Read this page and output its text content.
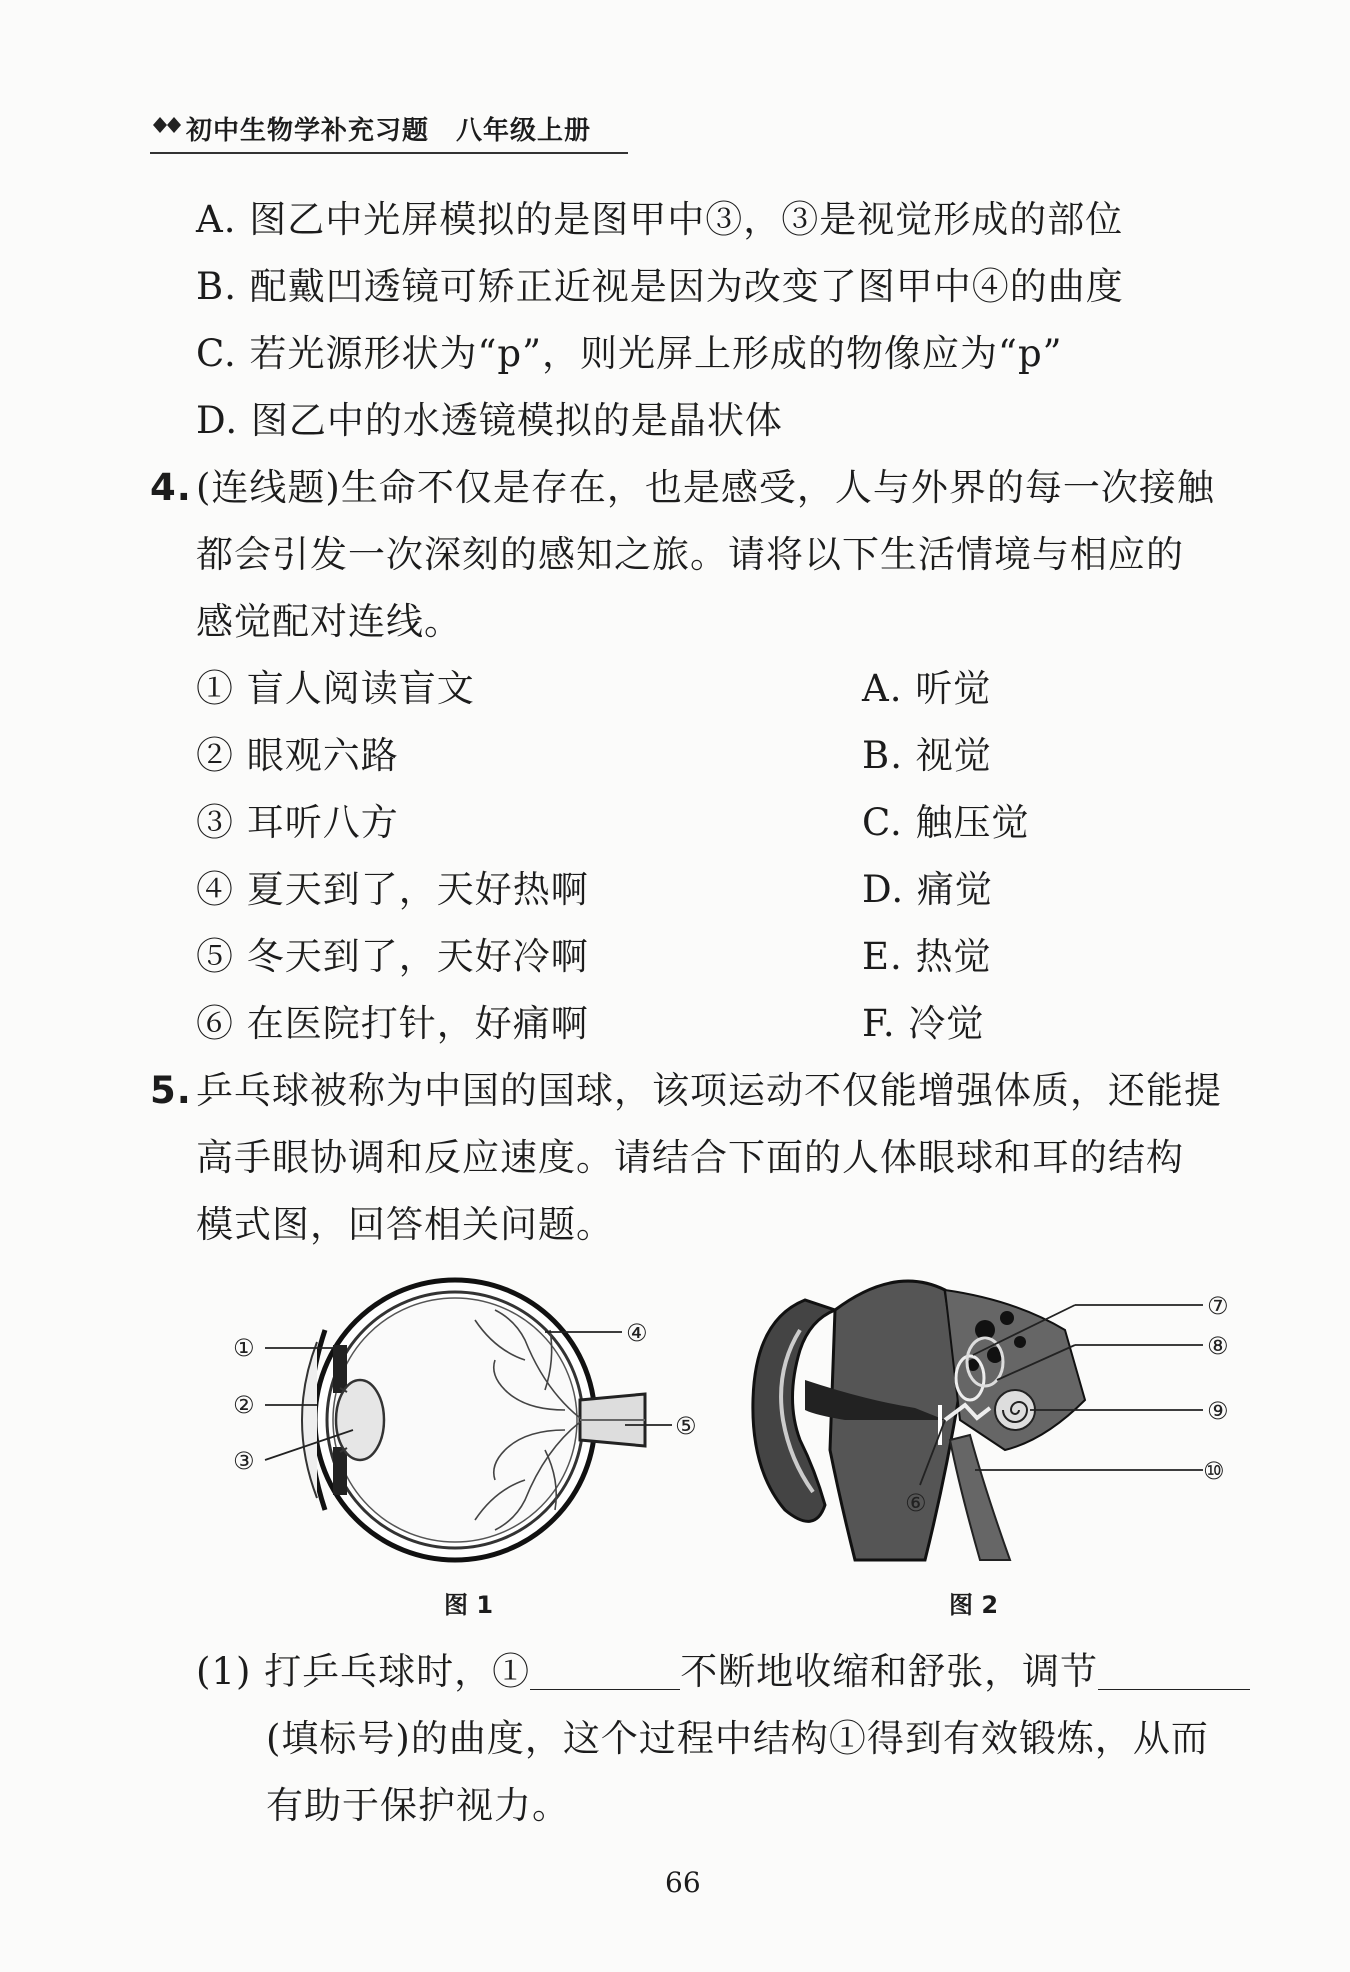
初中生物学补充习题　八年级上册
A. 图乙中光屏模拟的是图甲中③，③是视觉形成的部位
B. 配戴凹透镜可矫正近视是因为改变了图甲中④的曲度
C. 若光源形状为“p”，则光屏上形成的物像应为“p”
D. 图乙中的水透镜模拟的是晶状体
4. (连线题)生命不仅是存在，也是感受，人与外界的每一次接触
都会引发一次深刻的感知之旅。请将以下生活情境与相应的
感觉配对连线。
① 盲人阅读盲文
② 眼观六路
③ 耳听八方
④ 夏天到了，天好热啊
⑤ 冬天到了，天好冷啊
⑥ 在医院打针，好痛啊
A. 听觉
B. 视觉
C. 触压觉
D. 痛觉
E. 热觉
F. 冷觉
5. 乒乓球被称为中国的国球，该项运动不仅能增强体质，还能提
高手眼协调和反应速度。请结合下面的人体眼球和耳的结构
模式图，回答相关问题。
①
②
③
④
⑤
图 1
⑦
⑧
⑨
⑩
⑥
图 2
(1) 打乒乓球时，①	不断地收缩和舒张，调节
(填标号)的曲度，这个过程中结构①得到有效锻炼，从而
有助于保护视力。
66
